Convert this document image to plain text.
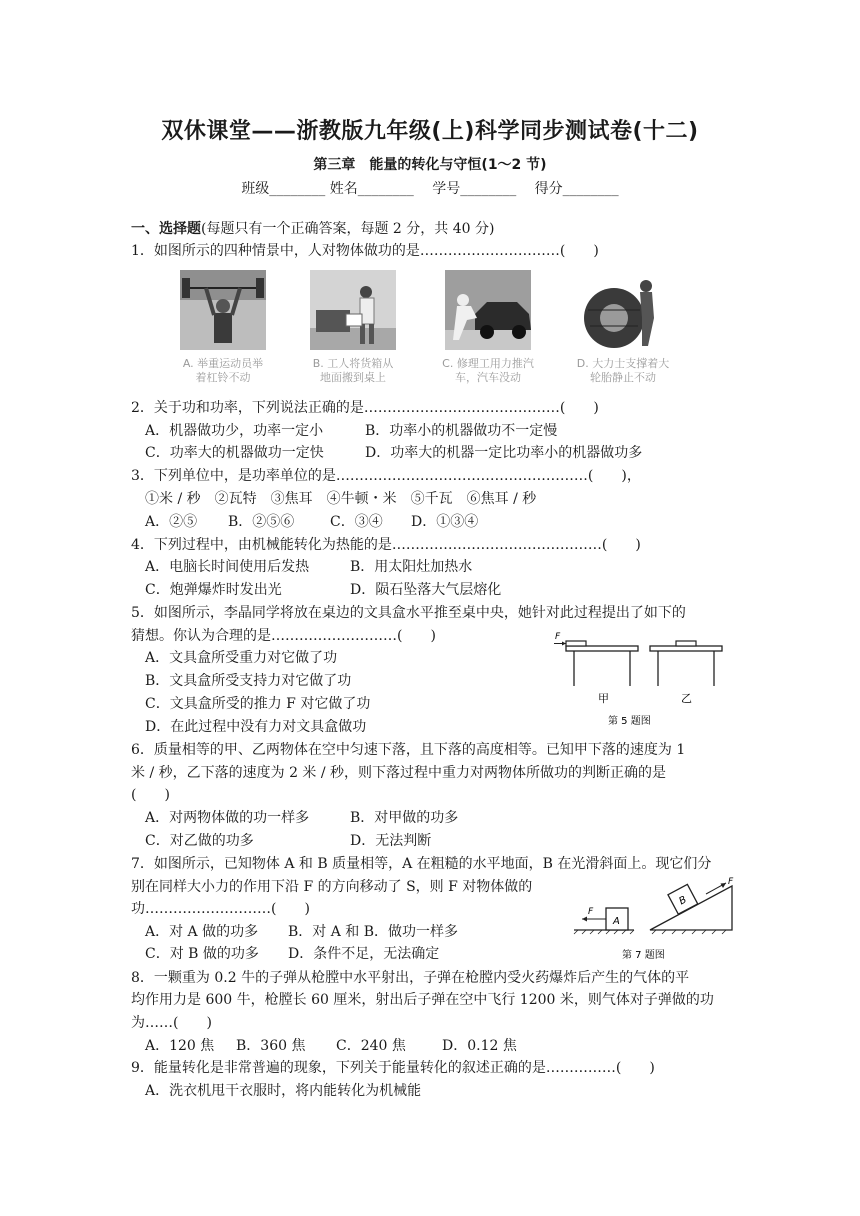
双休课堂——浙教版九年级(上)科学同步测试卷(十二)
第三章　能量的转化与守恒(1～2 节)
班级________ 姓名________　 学号________　 得分________
一、选择题(每题只有一个正确答案，每题 2 分，共 40 分)
1．如图所示的四种情景中，人对物体做功的是…………………………(　　)
A. 举重运动员举
着杠铃不动
B. 工人将货箱从
地面搬到桌上
C. 修理工用力推汽
车，汽车没动
D. 大力士支撑着大
轮胎静止不动
2．关于功和功率，下列说法正确的是……………………………………(　　)
A．机器做功少，功率一定小	B．功率小的机器做功不一定慢
C．功率大的机器做功一定快	D．功率大的机器一定比功率小的机器做功多
3．下列单位中，是功率单位的是………………………………………………(　　)，
①米 / 秒　②瓦特　③焦耳　④牛顿・米　⑤千瓦　⑥焦耳 / 秒
A．②⑤ B．②⑤⑥	C．③④ D．①③④
4．下列过程中，由机械能转化为热能的是………………………………………(　　)
A．电脑长时间使用后发热	B．用太阳灶加热水
C．炮弹爆炸时发出光	D．陨石坠落大气层熔化
5．如图所示，李晶同学将放在桌边的文具盒水平推至桌中央，她针对此过程提出了如下的
猜想。你认为合理的是………………………(　　)
A．文具盒所受重力对它做了功
B．文具盒所受支持力对它做了功
C．文具盒所受的推力 F 对它做了功
D．在此过程中没有力对文具盒做功
F
甲	乙
第 5 题图
6．质量相等的甲、乙两物体在空中匀速下落，且下落的高度相等。已知甲下落的速度为 1
米 / 秒，乙下落的速度为 2 米 / 秒，则下落过程中重力对两物体所做功的判断正确的是
(　　)
A．对两物体做的功一样多	B．对甲做的功多
C．对乙做的功多	D．无法判断
7．如图所示，已知物体 A 和 B 质量相等，A 在粗糙的水平地面，B 在光滑斜面上。现它们分
别在同样大小力的作用下沿 F 的方向移动了 S，则 F 对物体做的
功………………………(　　)
A．对 A 做的功多 B．对 A 和 B．做功一样多
C．对 B 做的功多 D．条件不足，无法确定
A
F
B
F
第 7 题图
8．一颗重为 0.2 牛的子弹从枪膛中水平射出，子弹在枪膛内受火药爆炸后产生的气体的平
均作用力是 600 牛，枪膛长 60 厘米，射出后子弹在空中飞行 1200 米，则气体对子弹做的功
为……(　　)
A．120 焦 B．360 焦 C．240 焦	D．0.12 焦
9．能量转化是非常普遍的现象，下列关于能量转化的叙述正确的是……………(　　)
A．洗衣机甩干衣服时，将内能转化为机械能
